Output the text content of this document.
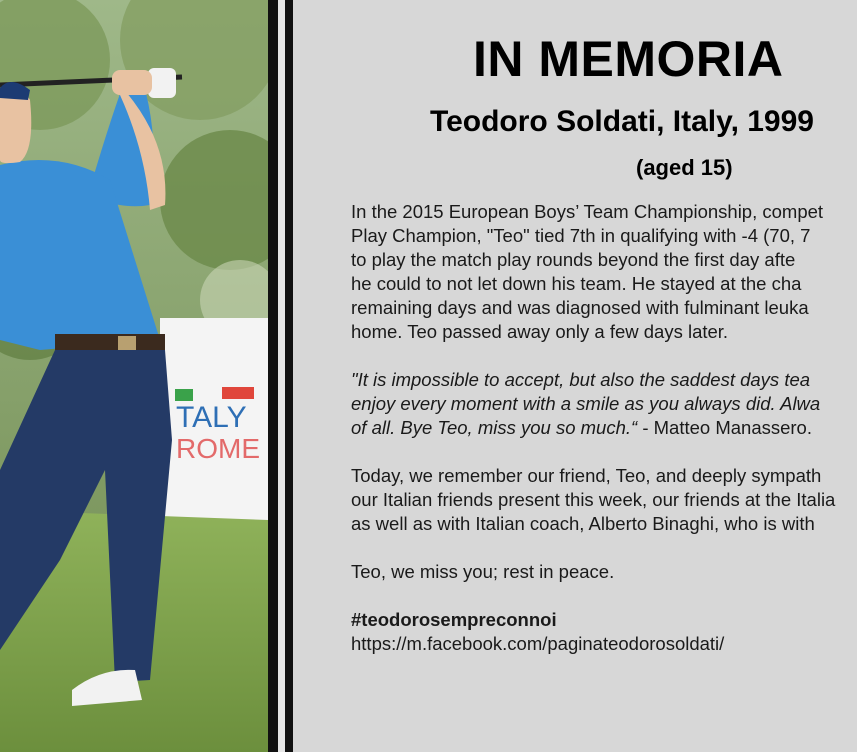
TALY
ROME
IN MEMORIA
Teodoro Soldati, Italy, 1999
(aged 15)

In the 2015 European Boys’ Team Championship, compet

Play Champion, "Teo" tied 7th in qualifying with -4 (70, 7

to play the match play rounds beyond the first day afte

he could to not let down his team. He stayed at the cha

remaining days and was diagnosed with fulminant leuka

home. Teo passed away only a few days later.

"It is impossible to accept, but also the saddest days tea

enjoy every moment with a smile as you always did. Alwa

of all. Bye Teo, miss you so much.“ - Matteo Manassero.

Today, we remember our friend, Teo, and deeply sympath

our Italian friends present this week, our friends at the Italia

as well as with Italian coach, Alberto Binaghi, who is with

Teo, we miss you; rest in peace.

#teodorosempreconnoi

https://m.facebook.com/paginateodorosoldati/
